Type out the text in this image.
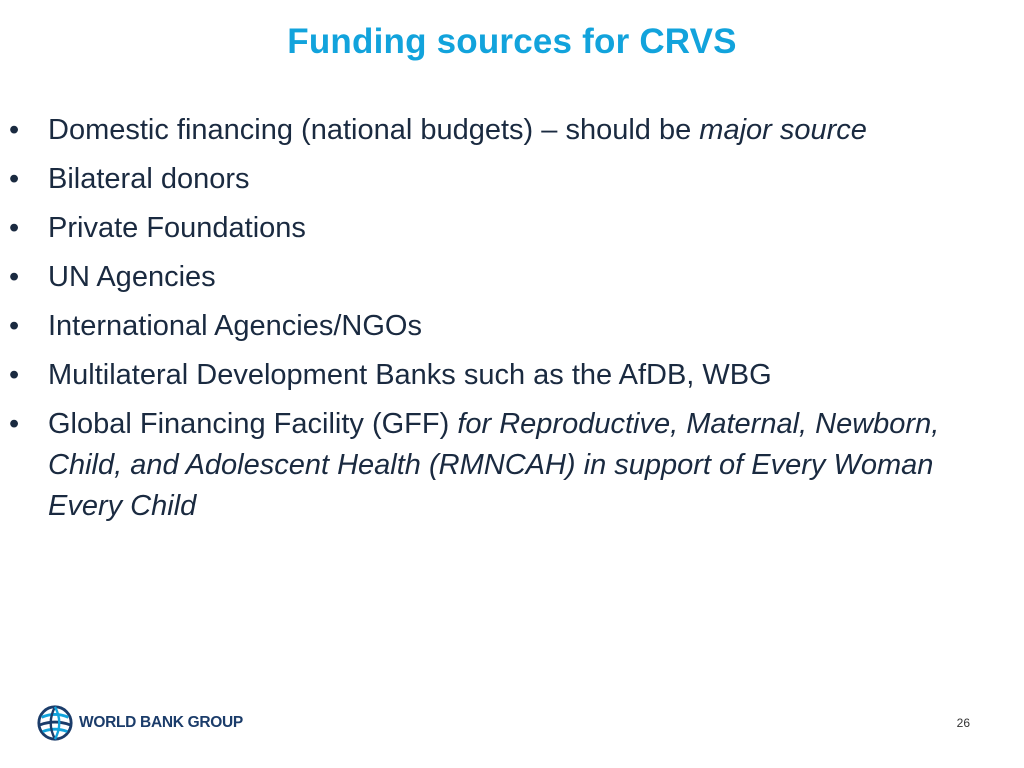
Funding sources for CRVS
• Domestic financing (national budgets) – should be major source
• Bilateral donors
• Private Foundations
• UN Agencies
• International Agencies/NGOs
• Multilateral Development Banks such as the AfDB, WBG
• Global Financing Facility (GFF) for Reproductive, Maternal, Newborn, Child, and Adolescent Health (RMNCAH) in support of Every Woman Every Child
WORLD BANK GROUP	26
